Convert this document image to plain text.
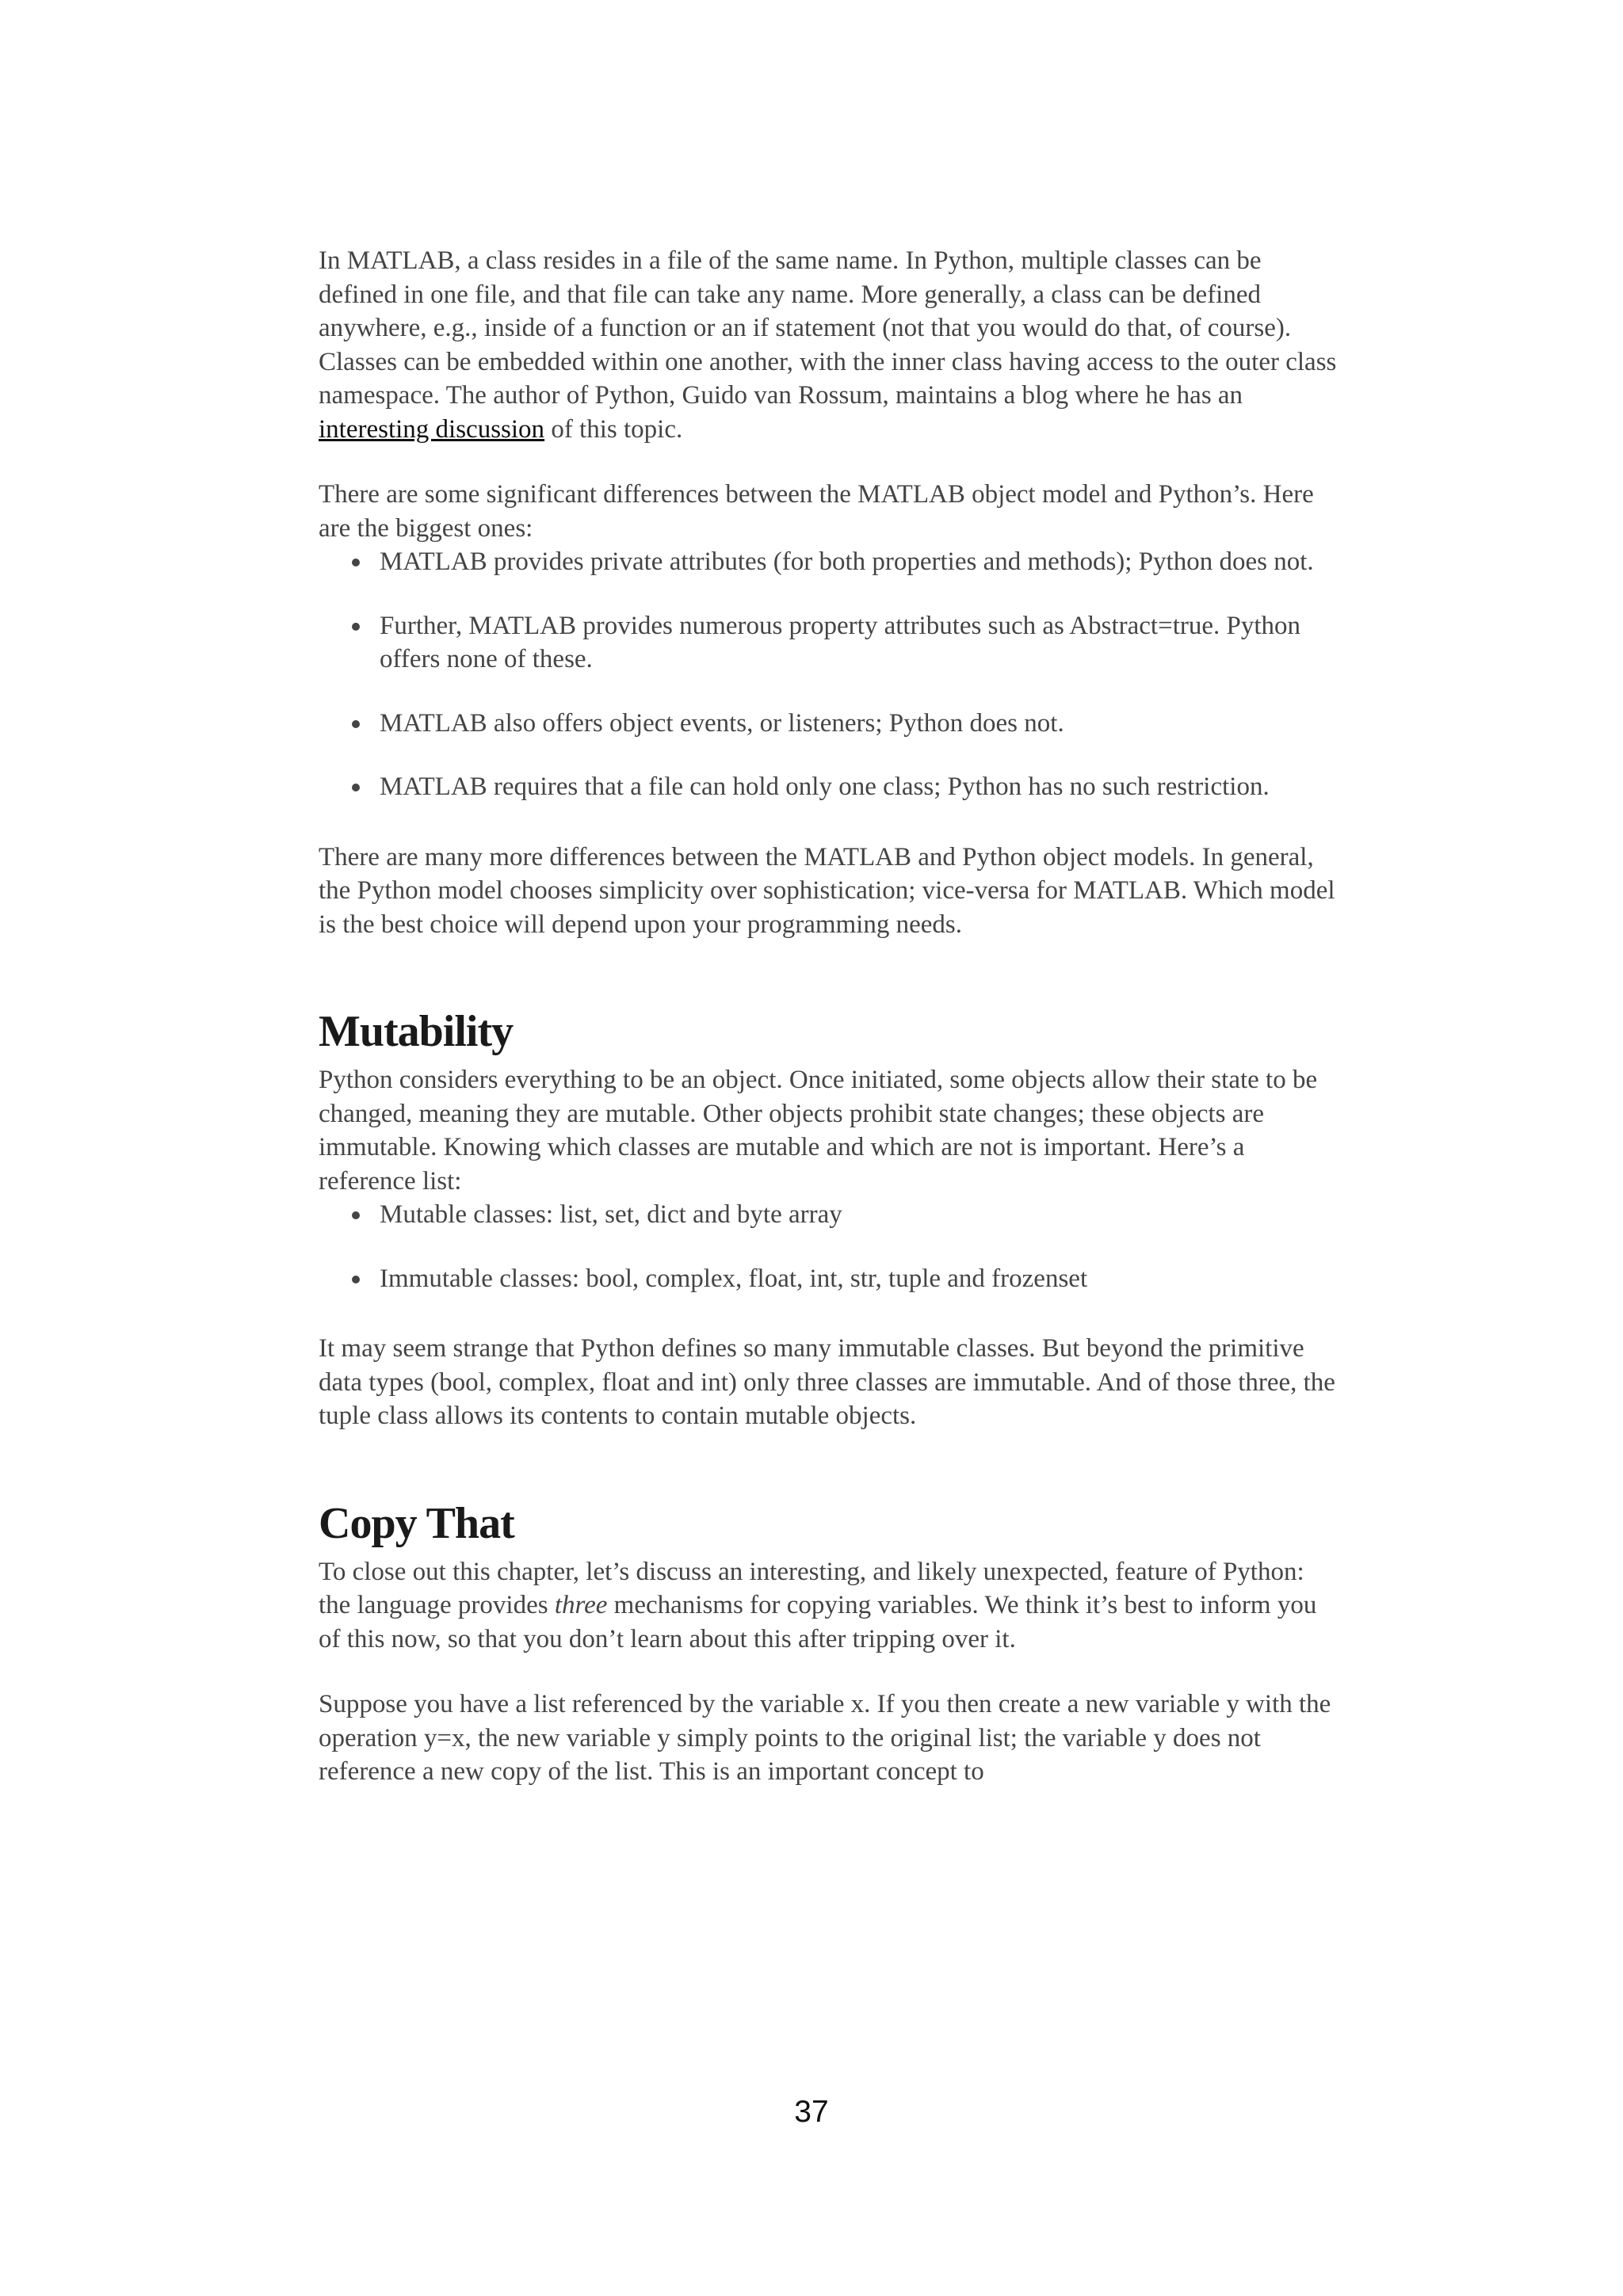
In MATLAB, a class resides in a file of the same name. In Python, multiple classes can be defined in one file, and that file can take any name. More generally, a class can be defined anywhere, e.g., inside of a function or an if statement (not that you would do that, of course). Classes can be embedded within one another, with the inner class having access to the outer class namespace. The author of Python, Guido van Rossum, maintains a blog where he has an interesting discussion of this topic.

There are some significant differences between the MATLAB object model and Python’s. Here are the biggest ones:

MATLAB provides private attributes (for both properties and methods); Python does not.
Further, MATLAB provides numerous property attributes such as Abstract=true. Python offers none of these.
MATLAB also offers object events, or listeners; Python does not.
MATLAB requires that a file can hold only one class; Python has no such restriction.

There are many more differences between the MATLAB and Python object models. In general, the Python model chooses simplicity over sophistication; vice-versa for MATLAB. Which model is the best choice will depend upon your programming needs.

Mutability

Python considers everything to be an object. Once initiated, some objects allow their state to be changed, meaning they are mutable. Other objects prohibit state changes; these objects are immutable. Knowing which classes are mutable and which are not is important. Here’s a reference list:

Mutable classes: list, set, dict and byte array
Immutable classes: bool, complex, float, int, str, tuple and frozenset

It may seem strange that Python defines so many immutable classes. But beyond the primitive data types (bool, complex, float and int) only three classes are immutable. And of those three, the tuple class allows its contents to contain mutable objects.

Copy That

To close out this chapter, let’s discuss an interesting, and likely unexpected, feature of Python: the language provides three mechanisms for copying variables. We think it’s best to inform you of this now, so that you don’t learn about this after tripping over it.

Suppose you have a list referenced by the variable x. If you then create a new variable y with the operation y=x, the new variable y simply points to the original list; the variable y does not reference a new copy of the list. This is an important concept to

37
